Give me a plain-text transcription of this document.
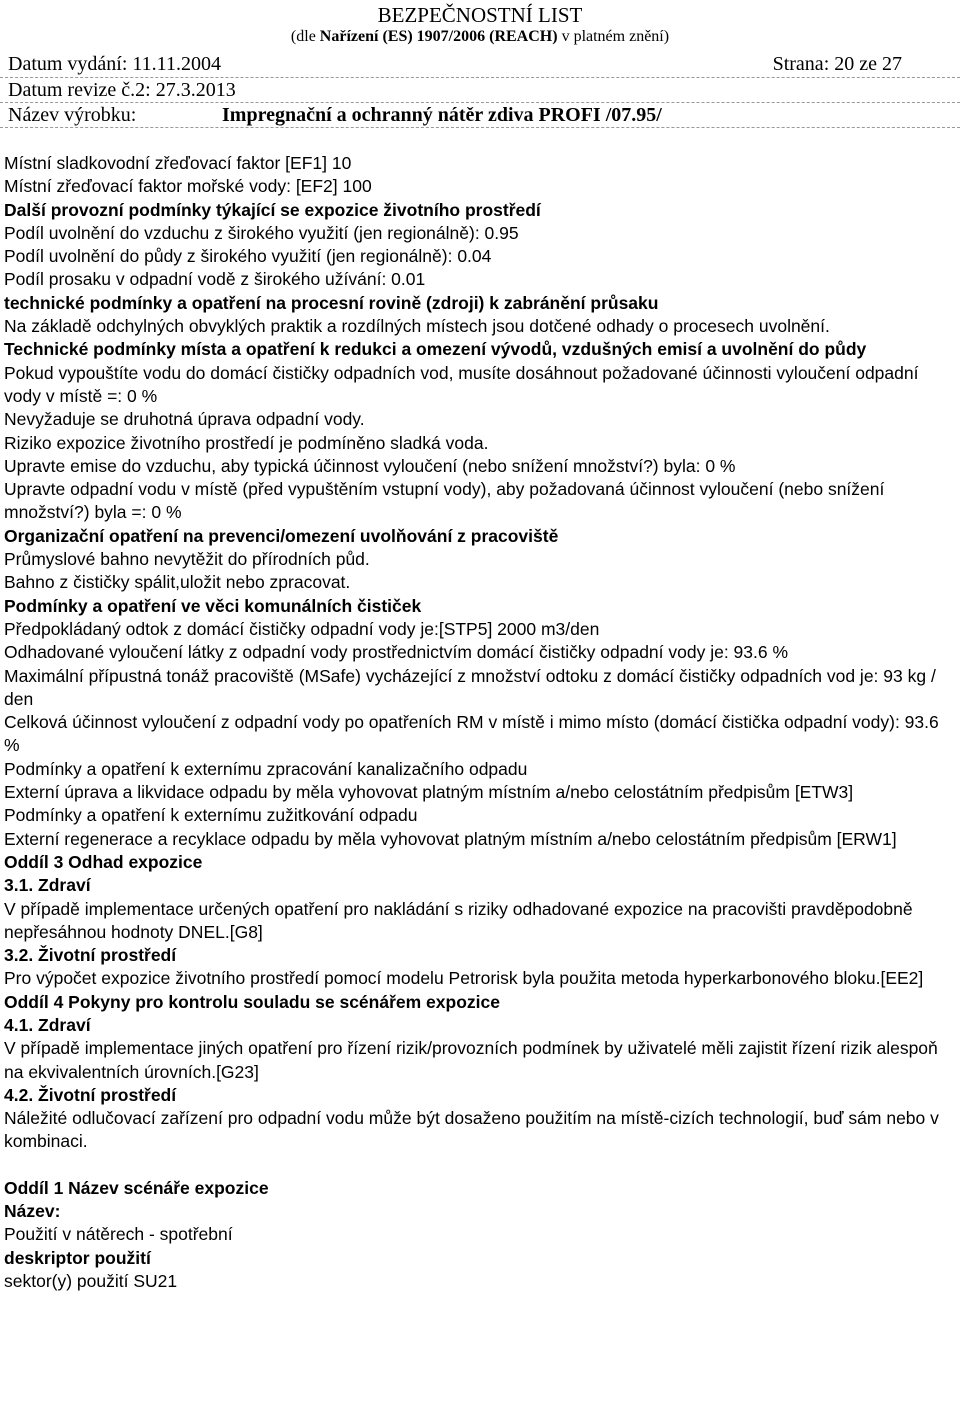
BEZPEČNOSTNÍ LIST
(dle Nařízení (ES) 1907/2006 (REACH) v platném znění)
Datum vydání: 11.11.2004	Strana: 20 ze 27
Datum revize č.2: 27.3.2013
Název výrobku:	Impregnační a ochranný nátěr zdiva PROFI /07.95/

Místní sladkovodní zřeďovací faktor [EF1] 10

Místní zřeďovací faktor mořské vody: [EF2] 100

Další provozní podmínky týkající se expozice životního prostředí

Podíl uvolnění do vzduchu z širokého využití (jen regionálně): 0.95

Podíl uvolnění do půdy z širokého využití (jen regionálně): 0.04

Podíl prosaku v odpadní vodě z širokého užívání: 0.01

technické podmínky a opatření na procesní rovině (zdroji) k zabránění průsaku

Na základě odchylných obvyklých praktik a rozdílných místech jsou dotčené odhady o procesech uvolnění.

Technické podmínky místa a opatření k redukci a omezení vývodů, vzdušných emisí a uvolnění do půdy

Pokud vypouštíte vodu do domácí čističky odpadních vod, musíte dosáhnout požadované účinnosti vyloučení odpadní vody v místě =: 0 %

Nevyžaduje se druhotná úprava odpadní vody.

Riziko expozice životního prostředí je podmíněno sladká voda.

Upravte emise do vzduchu, aby typická účinnost vyloučení (nebo snížení množství?) byla: 0 %

Upravte odpadní vodu v místě (před vypuštěním vstupní vody), aby požadovaná účinnost vyloučení (nebo snížení množství?) byla =: 0 %

Organizační opatření na prevenci/omezení uvolňování z pracoviště

Průmyslové bahno nevytěžit do přírodních půd.

Bahno z čističky spálit,uložit nebo zpracovat.

Podmínky a opatření ve věci komunálních čističek

Předpokládaný odtok z domácí čističky odpadní vody je:[STP5] 2000 m3/den

Odhadované vyloučení látky z odpadní vody prostřednictvím domácí čističky odpadní vody je: 93.6 %

Maximální přípustná tonáž pracoviště (MSafe) vycházející z množství odtoku z domácí čističky odpadních vod je: 93 kg / den

Celková účinnost vyloučení z odpadní vody po opatřeních RM v místě i mimo místo (domácí čistička odpadní vody): 93.6 %

Podmínky a opatření k externímu zpracování kanalizačního odpadu

Externí úprava a likvidace odpadu by měla vyhovovat platným místním a/nebo celostátním předpisům [ETW3]

Podmínky a opatření k externímu zužitkování odpadu

Externí regenerace a recyklace odpadu by měla vyhovovat platným místním a/nebo celostátním předpisům [ERW1]

Oddíl 3 Odhad expozice

3.1. Zdraví

V případě implementace určených opatření pro nakládání s riziky odhadované expozice na pracovišti pravděpodobně nepřesáhnou hodnoty DNEL.[G8]

3.2. Životní prostředí

Pro výpočet expozice životního prostředí pomocí modelu Petrorisk byla použita metoda hyperkarbonového bloku.[EE2]

Oddíl 4 Pokyny pro kontrolu souladu se scénářem expozice

4.1. Zdraví

V případě implementace jiných opatření pro řízení rizik/provozních podmínek by uživatelé měli zajistit řízení rizik alespoň na ekvivalentních úrovních.[G23]

4.2. Životní prostředí

Náležité odlučovací zařízení pro odpadní vodu může být dosaženo použitím na místě-cizích technologií, buď sám nebo v kombinaci.

Oddíl 1 Název scénáře expozice

Název:

Použití v nátěrech - spotřební

deskriptor použití

sektor(y) použití SU21
